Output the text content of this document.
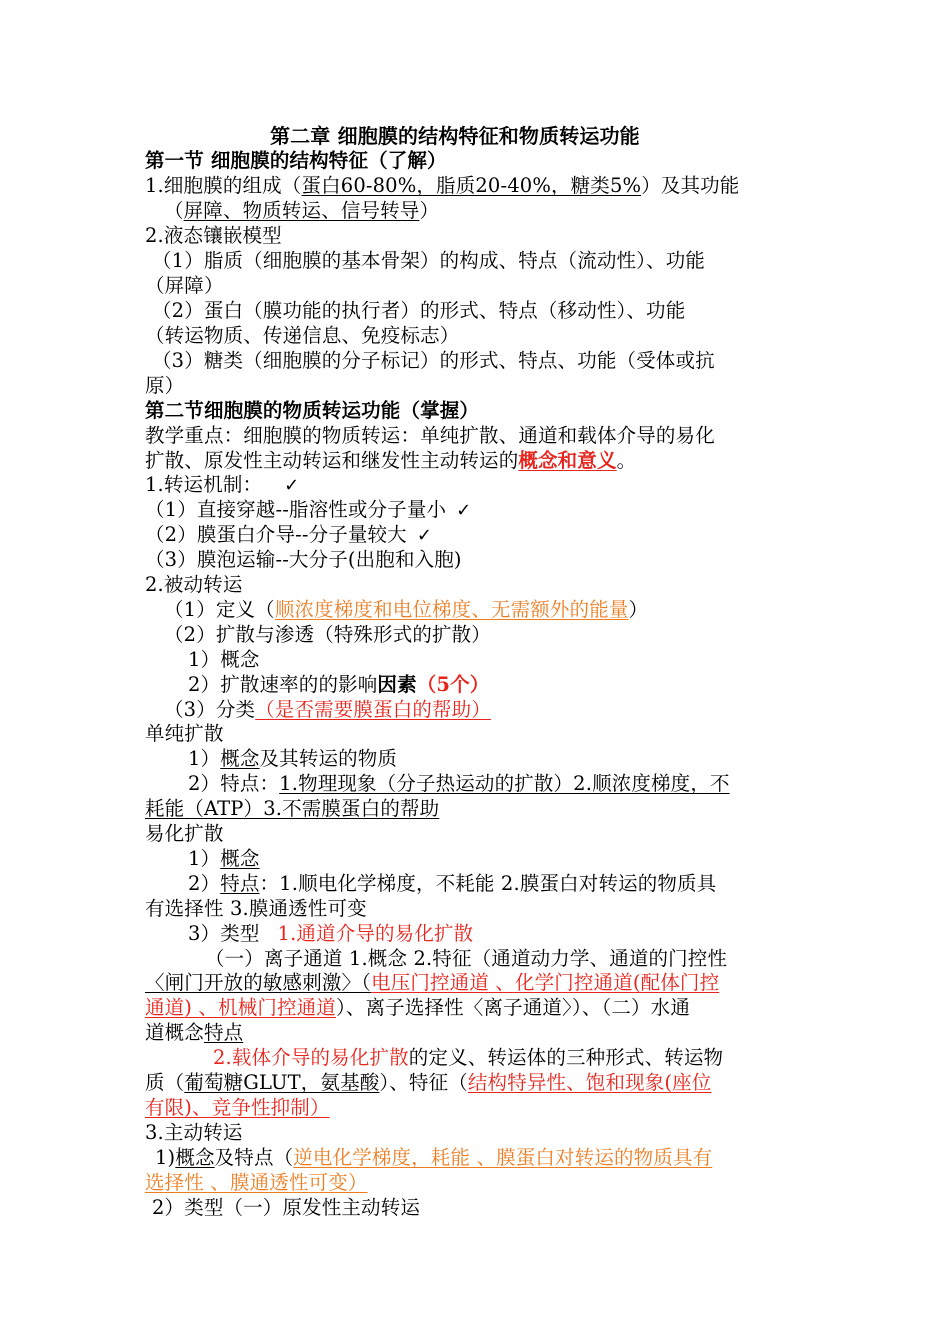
第二章 细胞膜的结构特征和物质转运功能
第一节 细胞膜的结构特征（了解）
1.细胞膜的组成（蛋白60-80%，脂质20-40%，糖类5%）及其功能
（屏障、物质转运、信号转导）
2.液态镶嵌模型
（1）脂质（细胞膜的基本骨架）的构成、特点（流动性）、功能
（屏障）
（2）蛋白（膜功能的执行者）的形式、特点（移动性）、功能
（转运物质、传递信息、免疫标志）
（3）糖类（细胞膜的分子标记）的形式、特点、功能（受体或抗
原）
第二节细胞膜的物质转运功能（掌握）
教学重点：细胞膜的物质转运：单纯扩散、通道和载体介导的易化
扩散、原发性主动转运和继发性主动转运的概念和意义。
1.转运机制： ✓
（1）直接穿越--脂溶性或分子量小 ✓
（2）膜蛋白介导--分子量较大 ✓
（3）膜泡运输--大分子(出胞和入胞)
2.被动转运
（1）定义（顺浓度梯度和电位梯度、无需额外的能量）
（2）扩散与渗透（特殊形式的扩散）
1）概念
2）扩散速率的的影响因素（5个）
（3）分类（是否需要膜蛋白的帮助）
单纯扩散
1）概念及其转运的物质
2）特点：1.物理现象（分子热运动的扩散）2.顺浓度梯度，不
耗能（ATP）3.不需膜蛋白的帮助
易化扩散
1）概念
2）特点：1.顺电化学梯度，不耗能 2.膜蛋白对转运的物质具
有选择性 3.膜通透性可变
3）类型 1.通道介导的易化扩散
（一）离子通道 1.概念 2.特征（通道动力学、通道的门控性
〈闸门开放的敏感刺激〉（电压门控通道 、化学门控通道(配体门控
通道) 、机械门控通道）、离子选择性〈离子通道〉）、（二）水通
道概念特点
2.载体介导的易化扩散的定义、转运体的三种形式、转运物
质（葡萄糖GLUT，氨基酸）、特征（结构特异性、饱和现象(座位
有限)、竞争性抑制）
3.主动转运
1)概念及特点（逆电化学梯度，耗能 、膜蛋白对转运的物质具有
选择性 、膜通透性可变）
2）类型（一）原发性主动转运
